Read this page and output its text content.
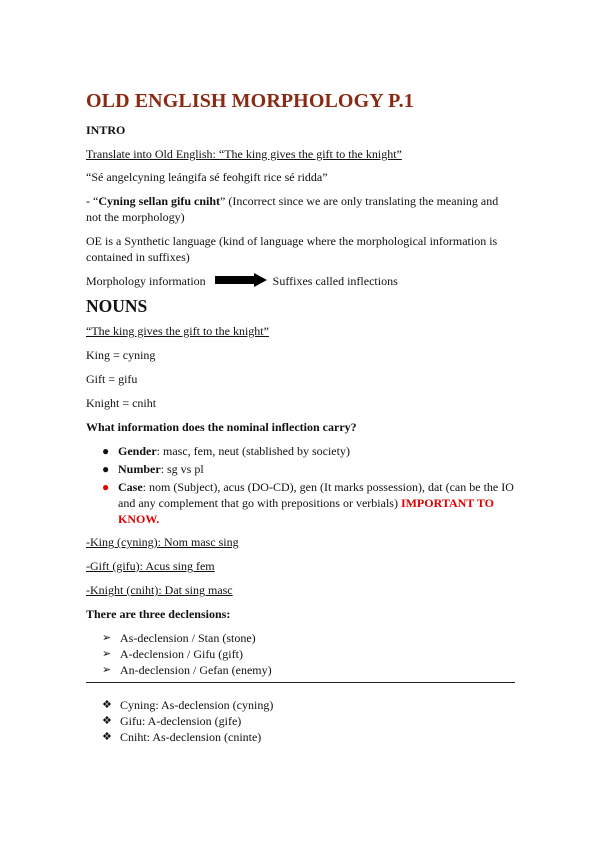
OLD ENGLISH MORPHOLOGY P.1
INTRO
Translate into Old English: “The king gives the gift to the knight”
“Sé angelcyning leángifa sé feohgift rice sé ridda”
- “Cyning sellan gifu cniht” (Incorrect since we are only translating the meaning and not the morphology)
OE is a Synthetic language (kind of language where the morphological information is contained in suffixes)
Morphology information	Suffixes called inflections
NOUNS
“The king gives the gift to the knight”
King = cyning
Gift = gifu
Knight = cniht
What information does the nominal inflection carry?
● Gender: masc, fem, neut (stablished by society)
● Number: sg vs pl
● Case: nom (Subject), acus (DO-CD), gen (It marks possession), dat (can be the IO and any complement that go with prepositions or verbials) IMPORTANT TO KNOW.
-King (cyning): Nom masc sing
-Gift (gifu): Acus sing fem
-Knight (cniht): Dat sing masc
There are three declensions:
➢ As-declension / Stan (stone)
➢ A-declension / Gifu (gift)
➢ An-declension / Gefan (enemy)
❖ Cyning: As-declension (cyning)
❖ Gifu: A-declension (gife)
❖ Cniht: As-declension (cninte)
